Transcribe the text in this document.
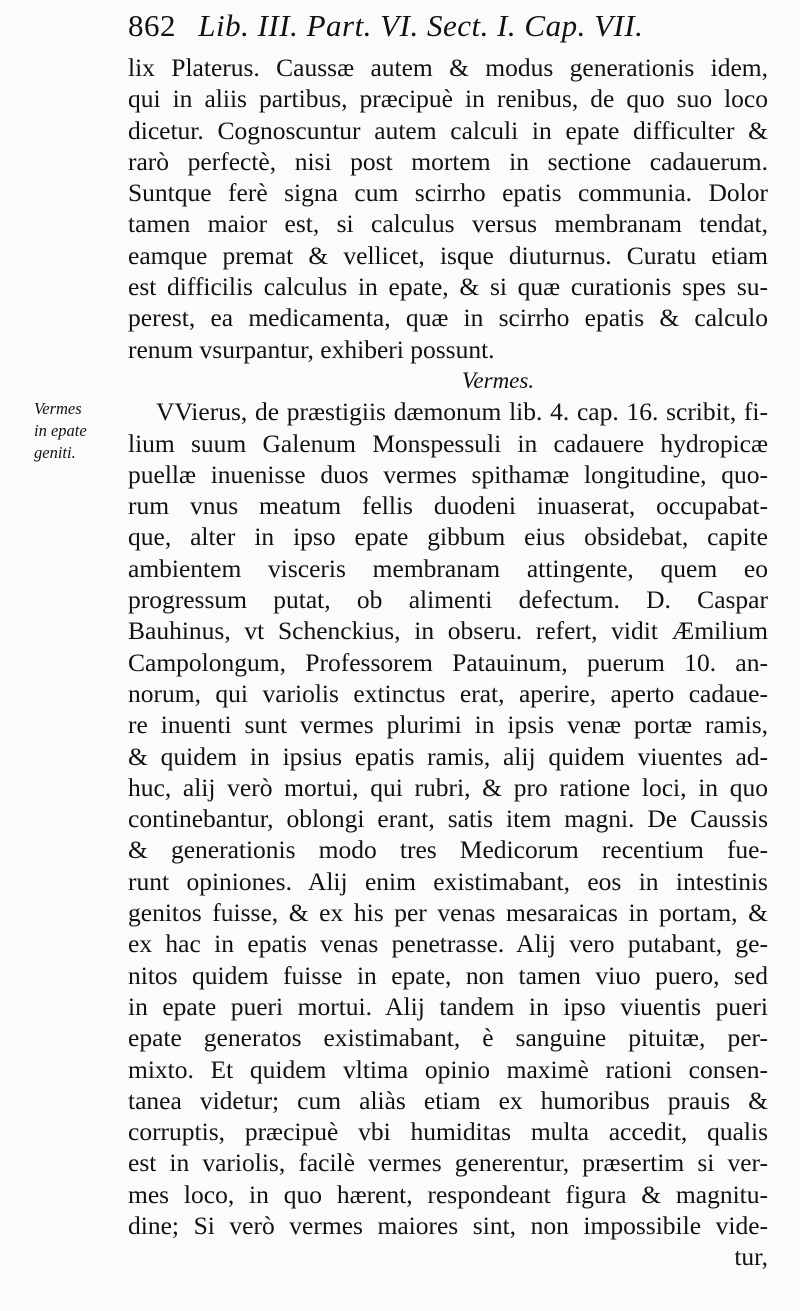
862 Lib. III. Part. VI. Sect. I. Cap. VII.
Vermes
in epate
geniti.
lix Platerus. Caussæ autem & modus generationis idem,
qui in aliis partibus, præcipuè in renibus, de quo suo loco
dicetur. Cognoscuntur autem calculi in epate difficulter &
rarò perfectè, nisi post mortem in sectione cadauerum.
Suntque ferè signa cum scirrho epatis communia. Dolor
tamen maior est, si calculus versus membranam tendat,
eamque premat & vellicet, isque diuturnus. Curatu etiam
est difficilis calculus in epate, & si quæ curationis spes su-
perest, ea medicamenta, quæ in scirrho epatis & calculo
renum vsurpantur, exhiberi possunt.
Vermes.
VVierus, de præstigiis dæmonum lib. 4. cap. 16. scribit, fi-
lium suum Galenum Monspessuli in cadauere hydropicæ
puellæ inuenisse duos vermes spithamæ longitudine, quo-
rum vnus meatum fellis duodeni inuaserat, occupabat-
que, alter in ipso epate gibbum eius obsidebat, capite
ambientem visceris membranam attingente, quem eo
progressum putat, ob alimenti defectum. D. Caspar
Bauhinus, vt Schenckius, in obseru. refert, vidit Æmilium
Campolongum, Professorem Patauinum, puerum 10. an-
norum, qui variolis extinctus erat, aperire, aperto cadaue-
re inuenti sunt vermes plurimi in ipsis venæ portæ ramis,
& quidem in ipsius epatis ramis, alij quidem viuentes ad-
huc, alij verò mortui, qui rubri, & pro ratione loci, in quo
continebantur, oblongi erant, satis item magni. De Caussis
& generationis modo tres Medicorum recentium fue-
runt opiniones. Alij enim existimabant, eos in intestinis
genitos fuisse, & ex his per venas mesaraicas in portam, &
ex hac in epatis venas penetrasse. Alij vero putabant, ge-
nitos quidem fuisse in epate, non tamen viuo puero, sed
in epate pueri mortui. Alij tandem in ipso viuentis pueri
epate generatos existimabant, è sanguine pituitæ, per-
mixto. Et quidem vltima opinio maximè rationi consen-
tanea videtur; cum aliàs etiam ex humoribus prauis &
corruptis, præcipuè vbi humiditas multa accedit, qualis
est in variolis, facilè vermes generentur, præsertim si ver-
mes loco, in quo hærent, respondeant figura & magnitu-
dine; Si verò vermes maiores sint, non impossibile vide-
tur,
